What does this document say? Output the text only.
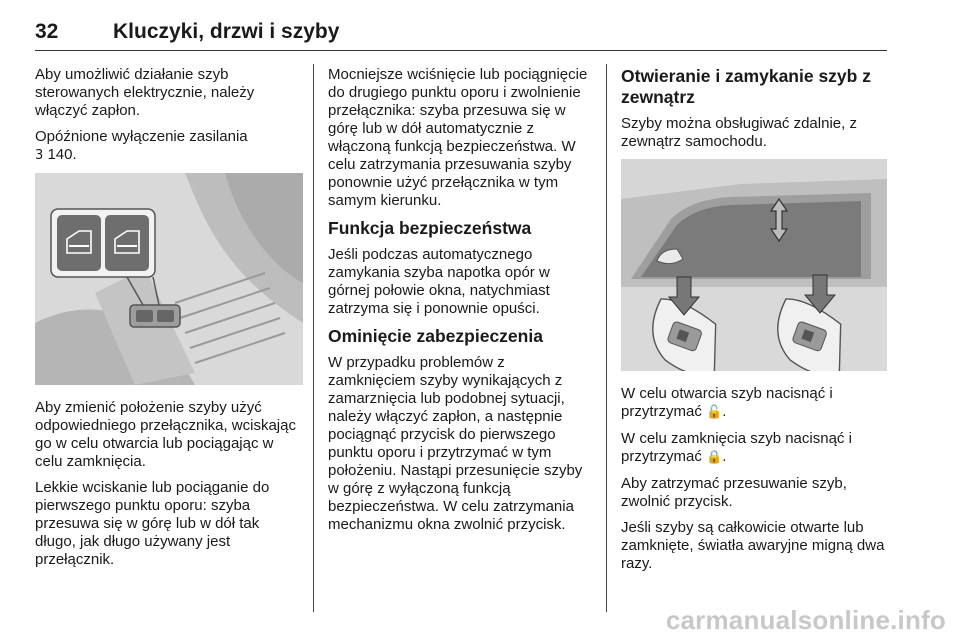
32	Kluczyki, drzwi i szyby

Aby umożliwić działanie szyb sterowanych elektrycznie, należy włączyć zapłon.

Opóźnione wyłączenie zasilania
3 140.

Aby zmienić położenie szyby użyć odpowiedniego przełącznika, wciskając go w celu otwarcia lub pociągając w celu zamknięcia.

Lekkie wciskanie lub pociąganie do pierwszego punktu oporu: szyba przesuwa się w górę lub w dół tak długo, jak długo używany jest przełącznik.

Mocniejsze wciśnięcie lub pociągnięcie do drugiego punktu oporu i zwolnienie przełącznika: szyba przesuwa się w górę lub w dół automatycznie z włączoną funkcją bezpieczeństwa. W celu zatrzymania przesuwania szyby ponownie użyć przełącznika w tym samym kierunku.

Funkcja bezpieczeństwa

Jeśli podczas automatycznego zamykania szyba napotka opór w górnej połowie okna, natychmiast zatrzyma się i ponownie opuści.

Ominięcie zabezpieczenia

W przypadku problemów z zamknięciem szyby wynikających z zamarznięcia lub podobnej sytuacji, należy włączyć zapłon, a następnie pociągnąć przycisk do pierwszego punktu oporu i przytrzymać w tym położeniu. Nastąpi przesunięcie szyby w górę z wyłączoną funkcją bezpieczeństwa. W celu zatrzymania mechanizmu okna zwolnić przycisk.

Otwieranie i zamykanie szyb z zewnątrz

Szyby można obsługiwać zdalnie, z zewnątrz samochodu.

W celu otwarcia szyb nacisnąć i przytrzymać 🔓.

W celu zamknięcia szyb nacisnąć i przytrzymać 🔒.

Aby zatrzymać przesuwanie szyb, zwolnić przycisk.

Jeśli szyby są całkowicie otwarte lub zamknięte, światła awaryjne migną dwa razy.

carmanualsonline.info
